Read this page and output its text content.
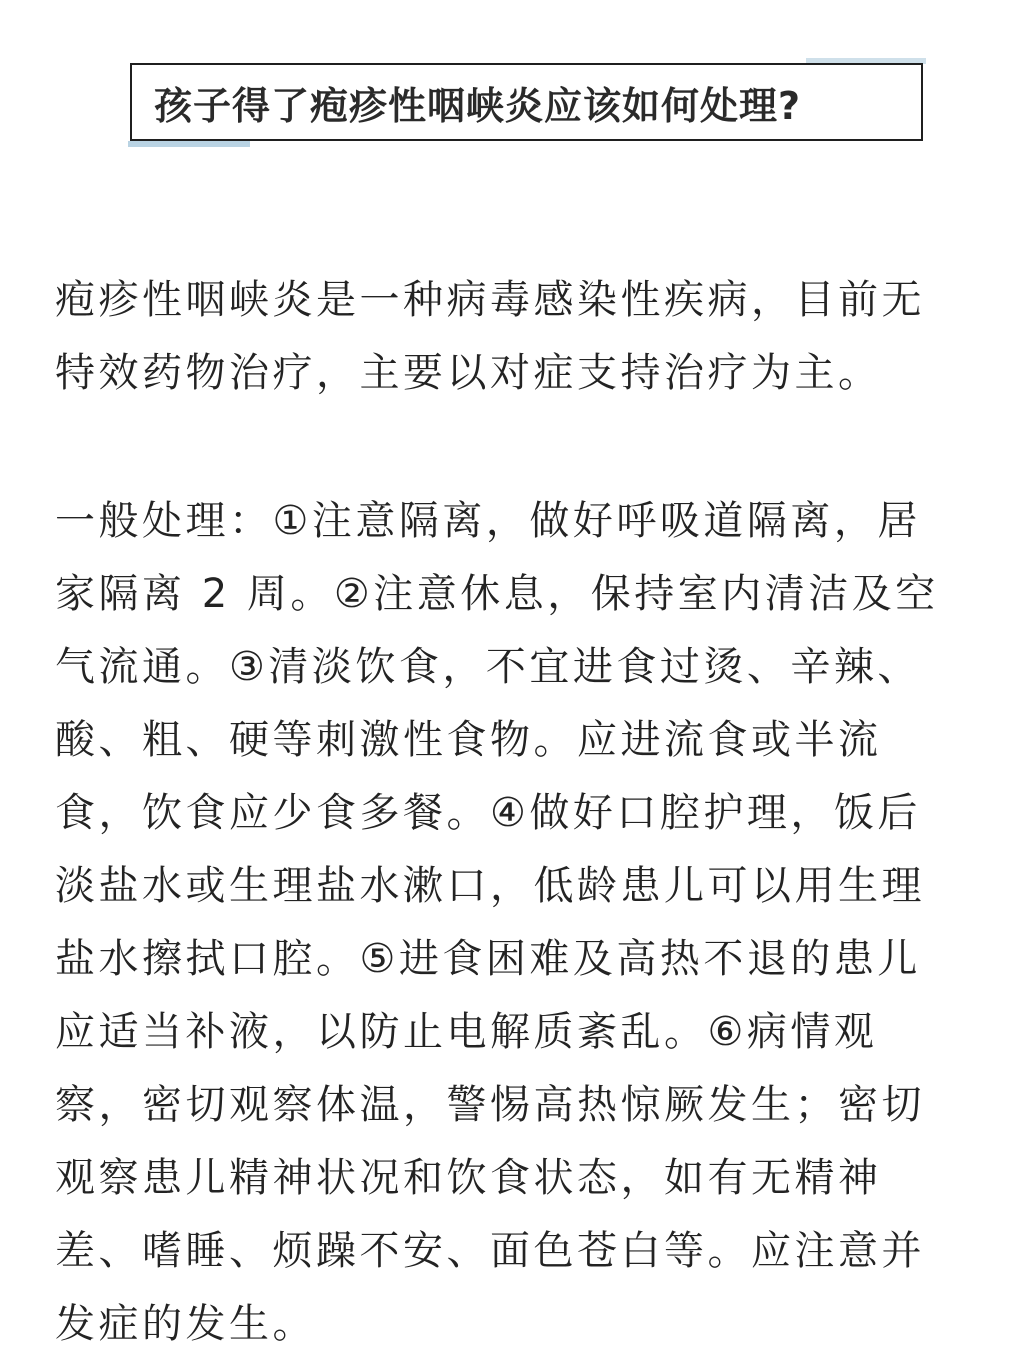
孩子得了疱疹性咽峡炎应该如何处理?

疱疹性咽峡炎是一种病毒感染性疾病，目前无
特效药物治疗，主要以对症支持治疗为主。

一般处理：①注意隔离，做好呼吸道隔离，居
家隔离 2 周。②注意休息，保持室内清洁及空
气流通。③清淡饮食，不宜进食过烫、辛辣、
酸、粗、硬等刺激性食物。应进流食或半流
食，饮食应少食多餐。④做好口腔护理，饭后
淡盐水或生理盐水漱口，低龄患儿可以用生理
盐水擦拭口腔。⑤进食困难及高热不退的患儿
应适当补液，以防止电解质紊乱。⑥病情观
察，密切观察体温，警惕高热惊厥发生；密切
观察患儿精神状况和饮食状态，如有无精神
差、嗜睡、烦躁不安、面色苍白等。应注意并
发症的发生。
